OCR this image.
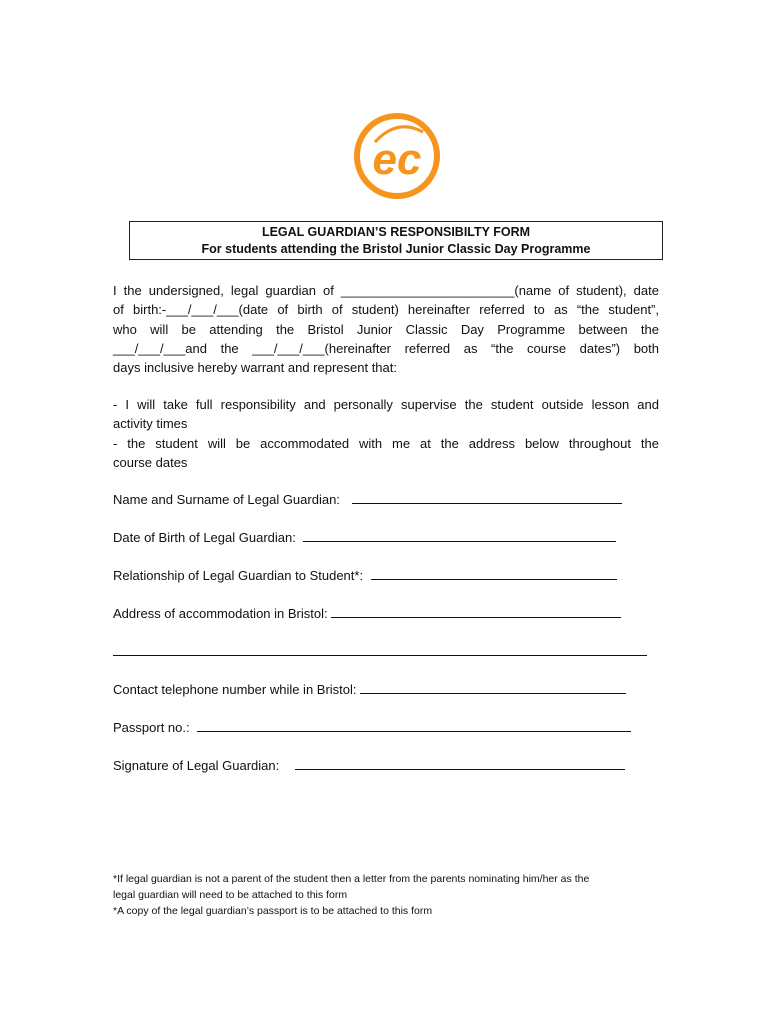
ec
LEGAL GUARDIAN’S RESPONSIBILTY FORM
For students attending the Bristol Junior Classic Day Programme
I the undersigned, legal guardian of ________________________(name of student), date
of birth:-___/___/___(date of birth of student) hereinafter referred to as “the student”,
who will be attending the Bristol Junior Classic Day Programme between the
___/___/___and the ___/___/___(hereinafter referred as “the course dates”) both
days inclusive hereby warrant and represent that:
- I will take full responsibility and personally supervise the student outside lesson and
activity times
- the student will be accommodated with me at the address below throughout the
course dates
Name and Surname of Legal Guardian:
Date of Birth of Legal Guardian:
Relationship of Legal Guardian to Student*:
Address of accommodation in Bristol:
Contact telephone number while in Bristol:
Passport no.:
Signature of Legal Guardian:
*If legal guardian is not a parent of the student then a letter from the parents nominating him/her as the
legal guardian will need to be attached to this form
*A copy of the legal guardian’s passport is to be attached to this form
